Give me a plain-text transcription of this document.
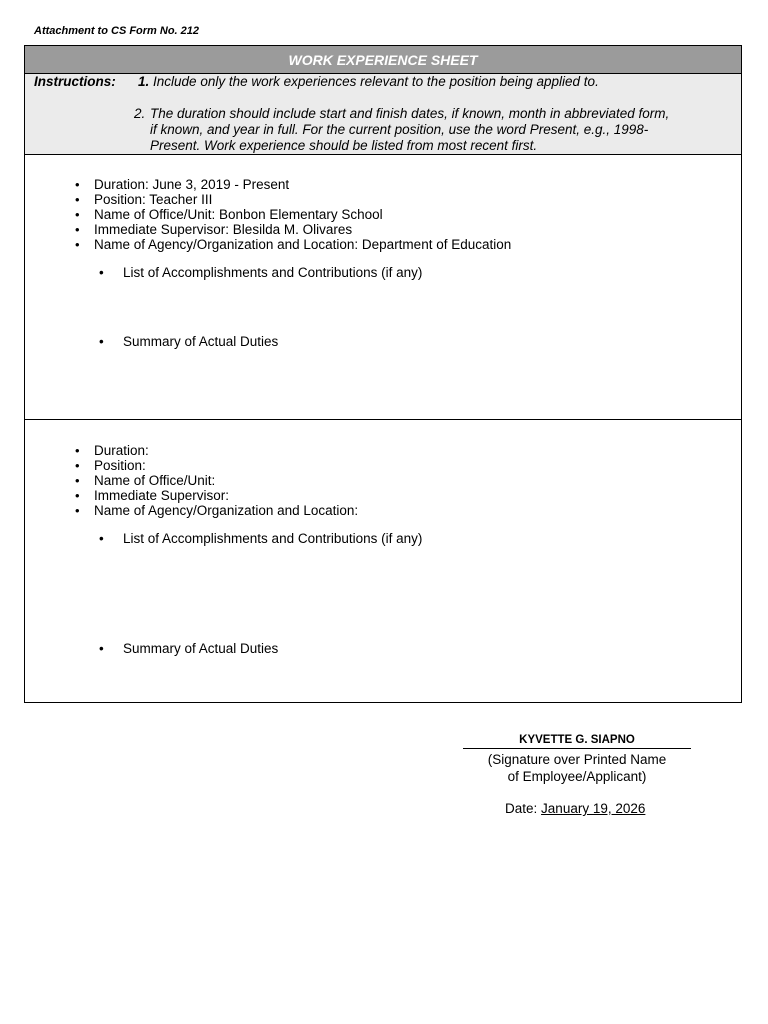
Attachment to CS Form No. 212
WORK EXPERIENCE SHEET
Instructions: 1. Include only the work experiences relevant to the position being applied to.
2. The duration should include start and finish dates, if known, month in abbreviated form,
if known, and year in full. For the current position, use the word Present, e.g., 1998-
Present. Work experience should be listed from most recent first.
• Duration: June 3, 2019 - Present
• Position: Teacher III
• Name of Office/Unit: Bonbon Elementary School
• Immediate Supervisor: Blesilda M. Olivares
• Name of Agency/Organization and Location: Department of Education
• List of Accomplishments and Contributions (if any)
• Summary of Actual Duties
• Duration:
• Position:
• Name of Office/Unit:
• Immediate Supervisor:
• Name of Agency/Organization and Location:
• List of Accomplishments and Contributions (if any)
• Summary of Actual Duties
KYVETTE G. SIAPNO
(Signature over Printed Name
of Employee/Applicant)
Date: January 19, 2026
